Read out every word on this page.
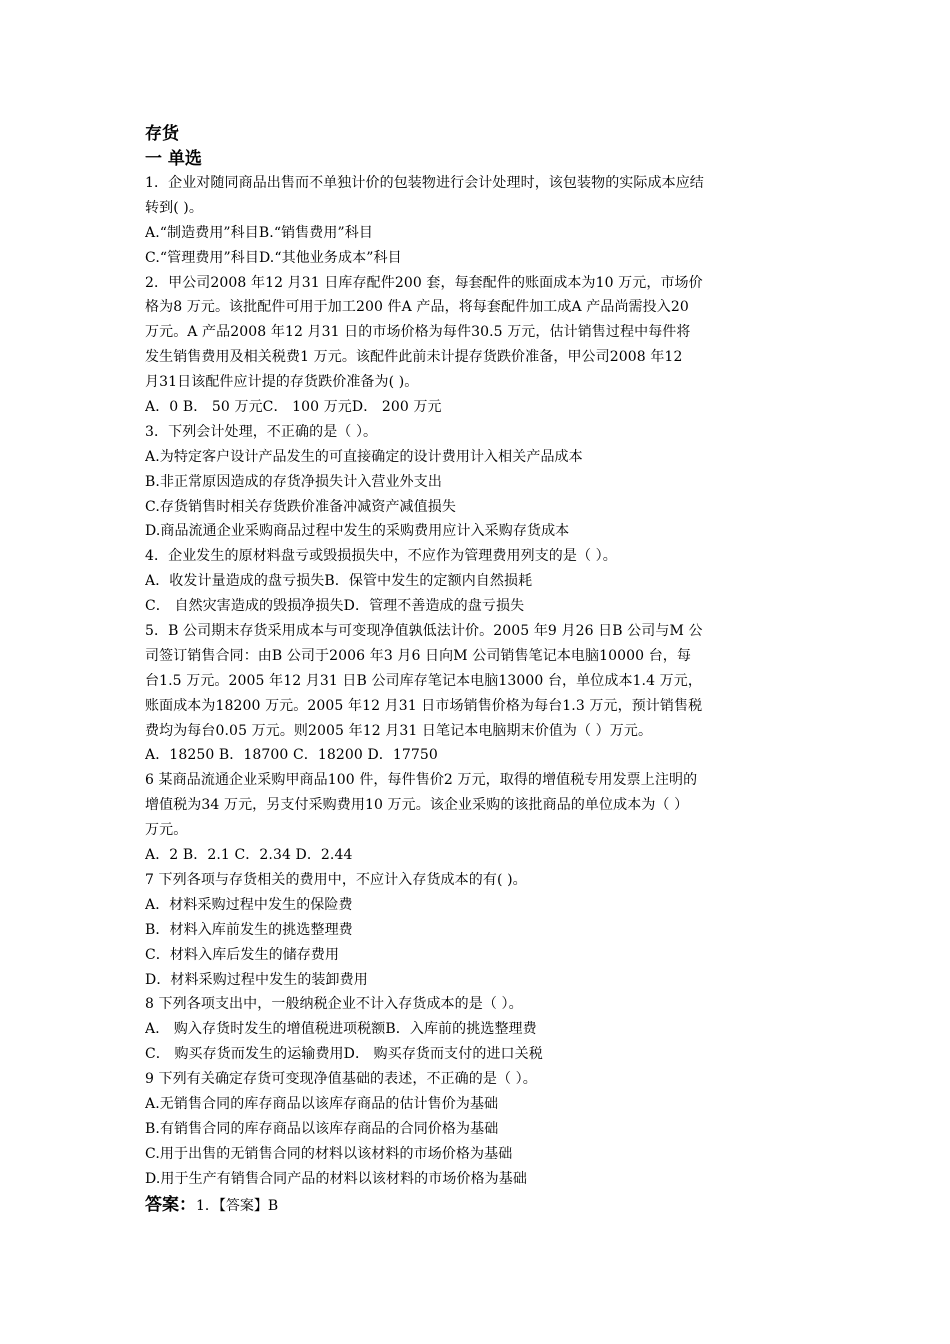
存货
一 单选
1．企业对随同商品出售而不单独计价的包装物进行会计处理时，该包装物的实际成本应结
转到( )。
A.“制造费用”科目B.“销售费用”科目
C.“管理费用”科目D.“其他业务成本”科目
2．甲公司2008 年12 月31 日库存配件200 套，每套配件的账面成本为10 万元，市场价
格为8 万元。该批配件可用于加工200 件A 产品，将每套配件加工成A 产品尚需投入20
万元。A 产品2008 年12 月31 日的市场价格为每件30.5 万元，估计销售过程中每件将
发生销售费用及相关税费1 万元。该配件此前未计提存货跌价准备，甲公司2008 年12
月31日该配件应计提的存货跌价准备为( )。
A．0 B． 50 万元C． 100 万元D． 200 万元
3．下列会计处理，不正确的是（ ）。
A.为特定客户设计产品发生的可直接确定的设计费用计入相关产品成本
B.非正常原因造成的存货净损失计入营业外支出
C.存货销售时相关存货跌价准备冲减资产减值损失
D.商品流通企业采购商品过程中发生的采购费用应计入采购存货成本
4．企业发生的原材料盘亏或毁损损失中，不应作为管理费用列支的是（ ）。
A．收发计量造成的盘亏损失B．保管中发生的定额内自然损耗
C． 自然灾害造成的毁损净损失D．管理不善造成的盘亏损失
5．B 公司期末存货采用成本与可变现净值孰低法计价。2005 年9 月26 日B 公司与M 公
司签订销售合同：由B 公司于2006 年3 月6 日向M 公司销售笔记本电脑10000 台，每
台1.5 万元。2005 年12 月31 日B 公司库存笔记本电脑13000 台，单位成本1.4 万元，
账面成本为18200 万元。2005 年12 月31 日市场销售价格为每台1.3 万元，预计销售税
费均为每台0.05 万元。则2005 年12 月31 日笔记本电脑期末价值为（ ）万元。
A．18250 B．18700 C．18200 D．17750
6 某商品流通企业采购甲商品100 件，每件售价2 万元，取得的增值税专用发票上注明的
增值税为34 万元，另支付采购费用10 万元。该企业采购的该批商品的单位成本为（ ）
万元。
A．2 B．2.1 C．2.34 D．2.44
7 下列各项与存货相关的费用中，不应计入存货成本的有( )。
A．材料采购过程中发生的保险费
B．材料入库前发生的挑选整理费
C．材料入库后发生的储存费用
D．材料采购过程中发生的装卸费用
8 下列各项支出中，一般纳税企业不计入存货成本的是（ ）。
A． 购入存货时发生的增值税进项税额B．入库前的挑选整理费
C． 购买存货而发生的运输费用D． 购买存货而支付的进口关税
9 下列有关确定存货可变现净值基础的表述，不正确的是（ ）。
A.无销售合同的库存商品以该库存商品的估计售价为基础
B.有销售合同的库存商品以该库存商品的合同价格为基础
C.用于出售的无销售合同的材料以该材料的市场价格为基础
D.用于生产有销售合同产品的材料以该材料的市场价格为基础
答案：1．【答案】B
